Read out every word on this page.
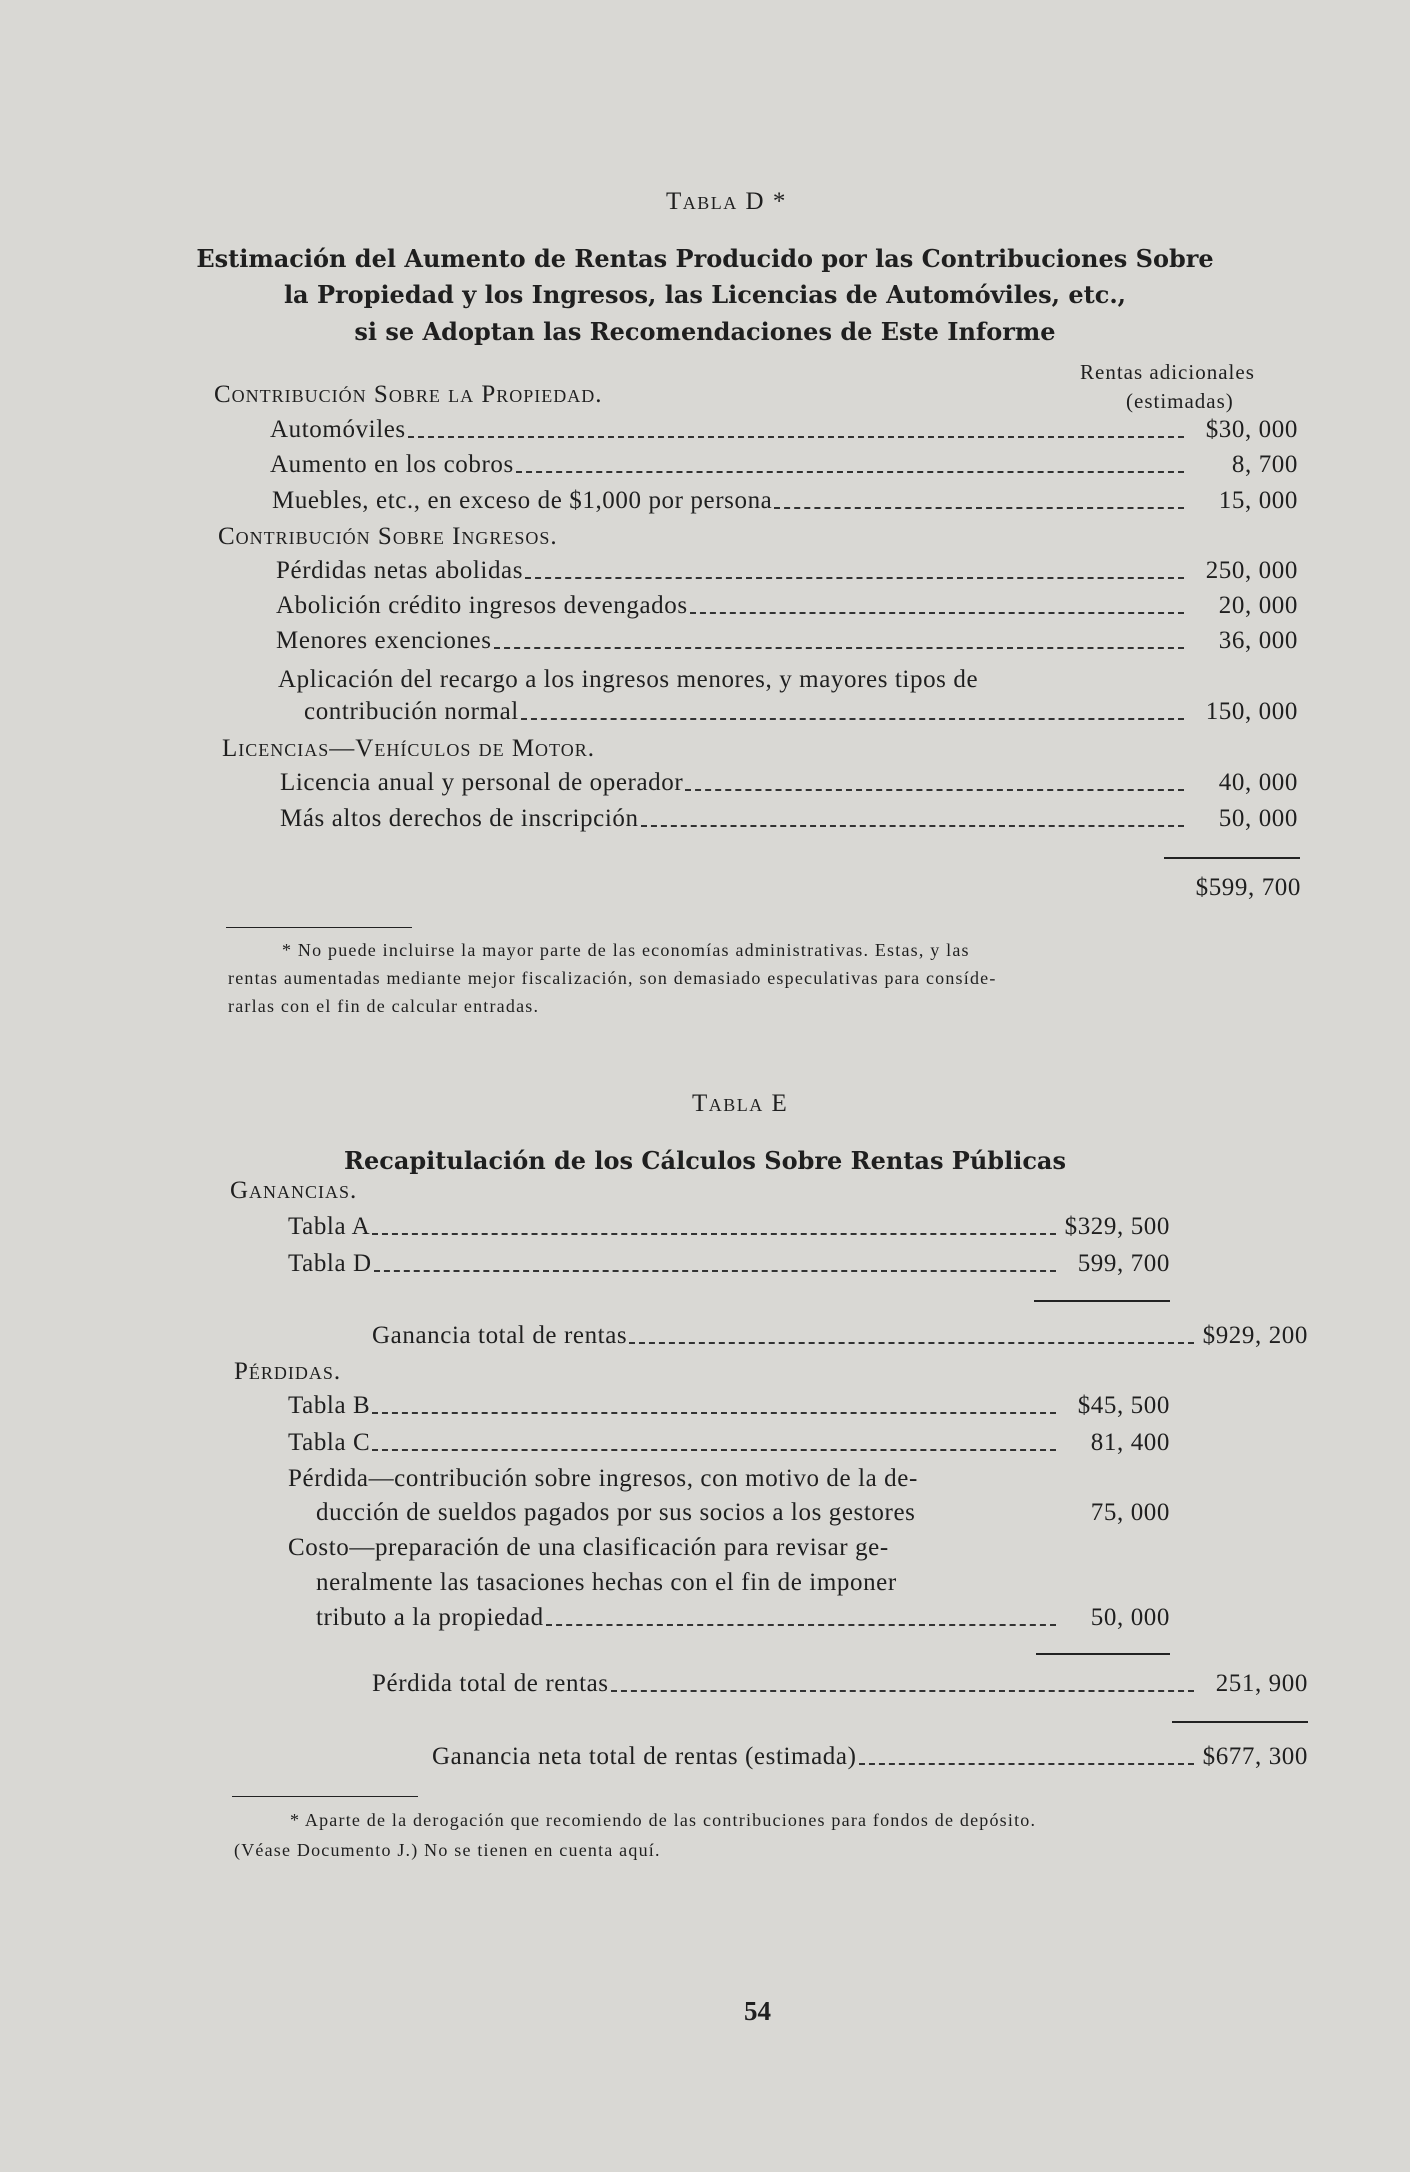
Tabla D *
Estimación del Aumento de Rentas Producido por las Contribuciones Sobre
la Propiedad y los Ingresos, las Licencias de Automóviles, etc.,
si se Adoptan las Recomendaciones de Este Informe
Rentas adicionales
(estimadas)
Contribución Sobre la Propiedad.
Automóviles	$30, 000
Aumento en los cobros	8, 700
Muebles, etc., en exceso de $1,000 por persona	15, 000
Contribución Sobre Ingresos.
Pérdidas netas abolidas	250, 000
Abolición crédito ingresos devengados	20, 000
Menores exenciones	36, 000
Aplicación del recargo a los ingresos menores, y mayores tipos de
contribución normal	150, 000
Licencias—Vehículos de Motor.
Licencia anual y personal de operador	40, 000
Más altos derechos de inscripción	50, 000
$599, 700
* No puede incluirse la mayor parte de las economías administrativas. Estas, y las
rentas aumentadas mediante mejor fiscalización, son demasiado especulativas para consíde-
rarlas con el fin de calcular entradas.
Tabla E
Recapitulación de los Cálculos Sobre Rentas Públicas
Ganancias.
Tabla A	$329, 500
Tabla D	599, 700
Ganancia total de rentas	$929, 200
Pérdidas.
Tabla B	$45, 500
Tabla C	81, 400
Pérdida—contribución sobre ingresos, con motivo de la de-
ducción de sueldos pagados por sus socios a los gestores	75, 000
Costo—preparación de una clasificación para revisar ge-
neralmente las tasaciones hechas con el fin de imponer
tributo a la propiedad	50, 000
Pérdida total de rentas	251, 900
Ganancia neta total de rentas (estimada)	$677, 300
* Aparte de la derogación que recomiendo de las contribuciones para fondos de depósito.
(Véase Documento J.) No se tienen en cuenta aquí.
54
